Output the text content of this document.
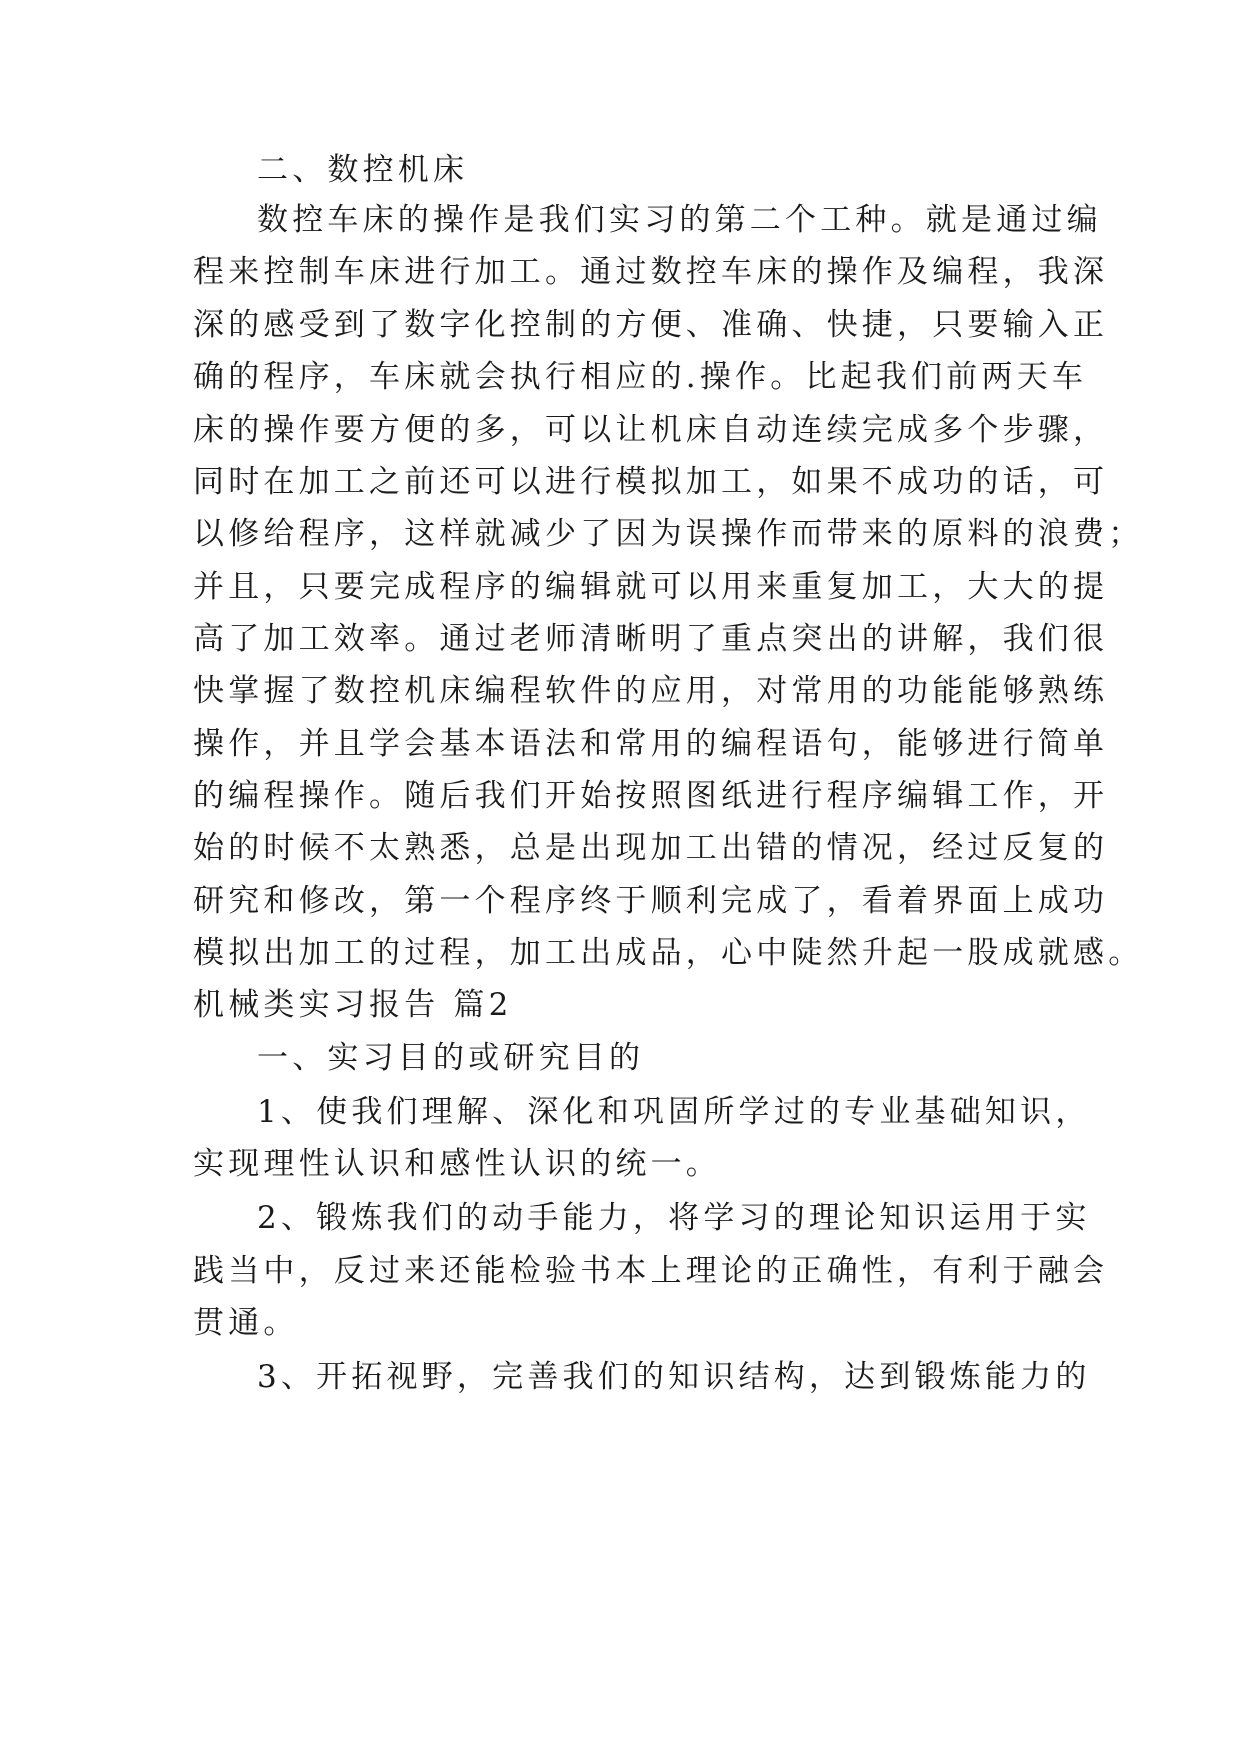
二、数控机床
数控车床的操作是我们实习的第二个工种。就是通过编
程来控制车床进行加工。通过数控车床的操作及编程，我深
深的感受到了数字化控制的方便、准确、快捷，只要输入正
确的程序，车床就会执行相应的.操作。比起我们前两天车
床的操作要方便的多，可以让机床自动连续完成多个步骤，
同时在加工之前还可以进行模拟加工，如果不成功的话，可
以修给程序，这样就减少了因为误操作而带来的原料的浪费；
并且，只要完成程序的编辑就可以用来重复加工，大大的提
高了加工效率。通过老师清晰明了重点突出的讲解，我们很
快掌握了数控机床编程软件的应用，对常用的功能能够熟练
操作，并且学会基本语法和常用的编程语句，能够进行简单
的编程操作。随后我们开始按照图纸进行程序编辑工作，开
始的时候不太熟悉，总是出现加工出错的情况，经过反复的
研究和修改，第一个程序终于顺利完成了，看着界面上成功
模拟出加工的过程，加工出成品，心中陡然升起一股成就感。
机械类实习报告 篇2
一、实习目的或研究目的
1、使我们理解、深化和巩固所学过的专业基础知识，
实现理性认识和感性认识的统一。
2、锻炼我们的动手能力，将学习的理论知识运用于实
践当中，反过来还能检验书本上理论的正确性，有利于融会
贯通。
3、开拓视野，完善我们的知识结构，达到锻炼能力的
